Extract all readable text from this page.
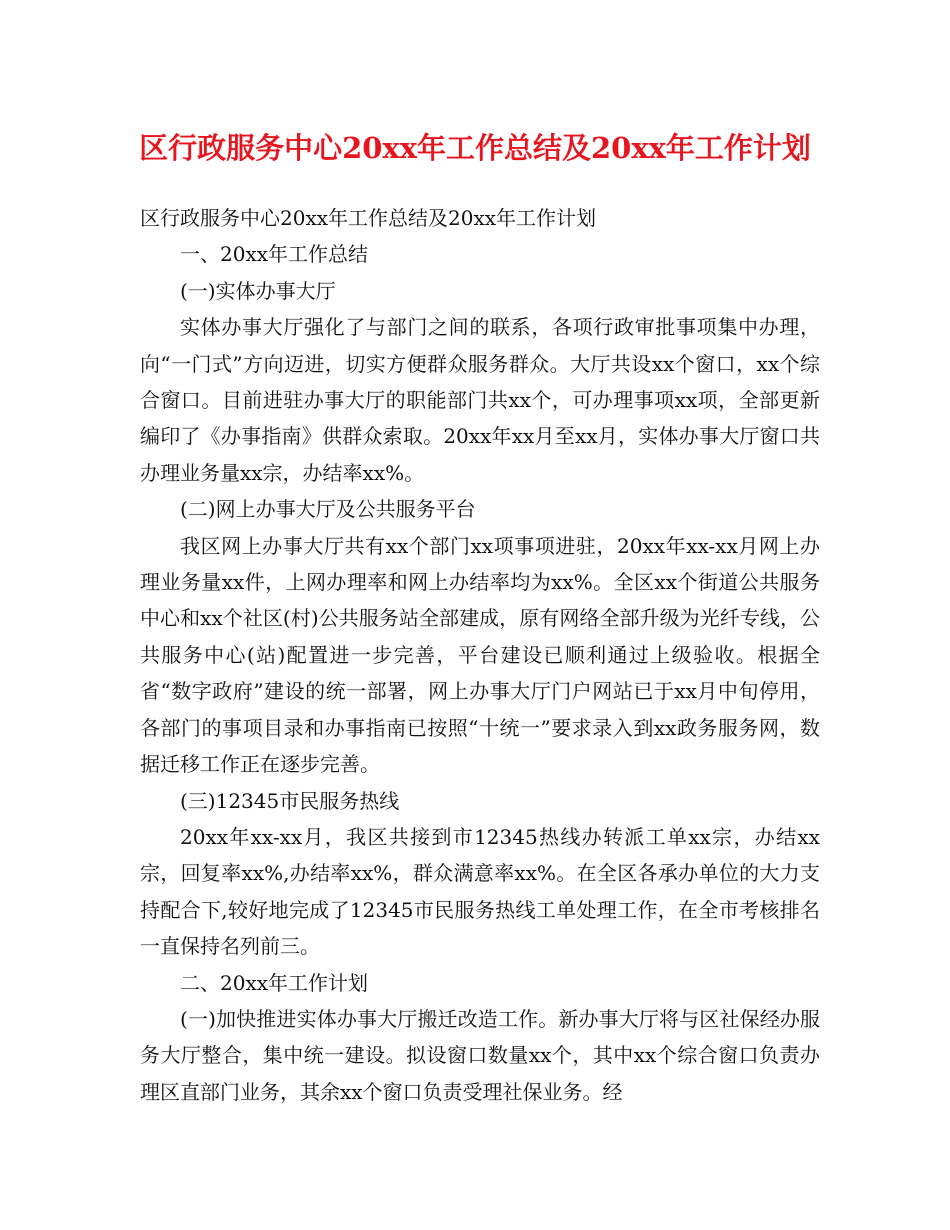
区行政服务中心20xx年工作总结及20xx年工作计划

区行政服务中心20xx年工作总结及20xx年工作计划

一、20xx年工作总结

(一)实体办事大厅

实体办事大厅强化了与部门之间的联系，各项行政审批事项集中办理，向“一门式”方向迈进，切实方便群众服务群众。大厅共设xx个窗口，xx个综合窗口。目前进驻办事大厅的职能部门共xx个，可办理事项xx项，全部更新编印了《办事指南》供群众索取。20xx年xx月至xx月，实体办事大厅窗口共办理业务量xx宗，办结率xx%。

(二)网上办事大厅及公共服务平台

我区网上办事大厅共有xx个部门xx项事项进驻，20xx年xx-xx月网上办理业务量xx件，上网办理率和网上办结率均为xx%。全区xx个街道公共服务中心和xx个社区(村)公共服务站全部建成，原有网络全部升级为光纤专线，公共服务中心(站)配置进一步完善，平台建设已顺利通过上级验收。根据全省“数字政府”建设的统一部署，网上办事大厅门户网站已于xx月中旬停用，各部门的事项目录和办事指南已按照“十统一”要求录入到xx政务服务网，数据迁移工作正在逐步完善。

(三)12345市民服务热线

20xx年xx-xx月，我区共接到市12345热线办转派工单xx宗，办结xx宗，回复率xx%,办结率xx%，群众满意率xx%。在全区各承办单位的大力支持配合下,较好地完成了12345市民服务热线工单处理工作，在全市考核排名一直保持名列前三。

二、20xx年工作计划

(一)加快推进实体办事大厅搬迁改造工作。新办事大厅将与区社保经办服务大厅整合，集中统一建设。拟设窗口数量xx个，其中xx个综合窗口负责办理区直部门业务，其余xx个窗口负责受理社保业务。经
